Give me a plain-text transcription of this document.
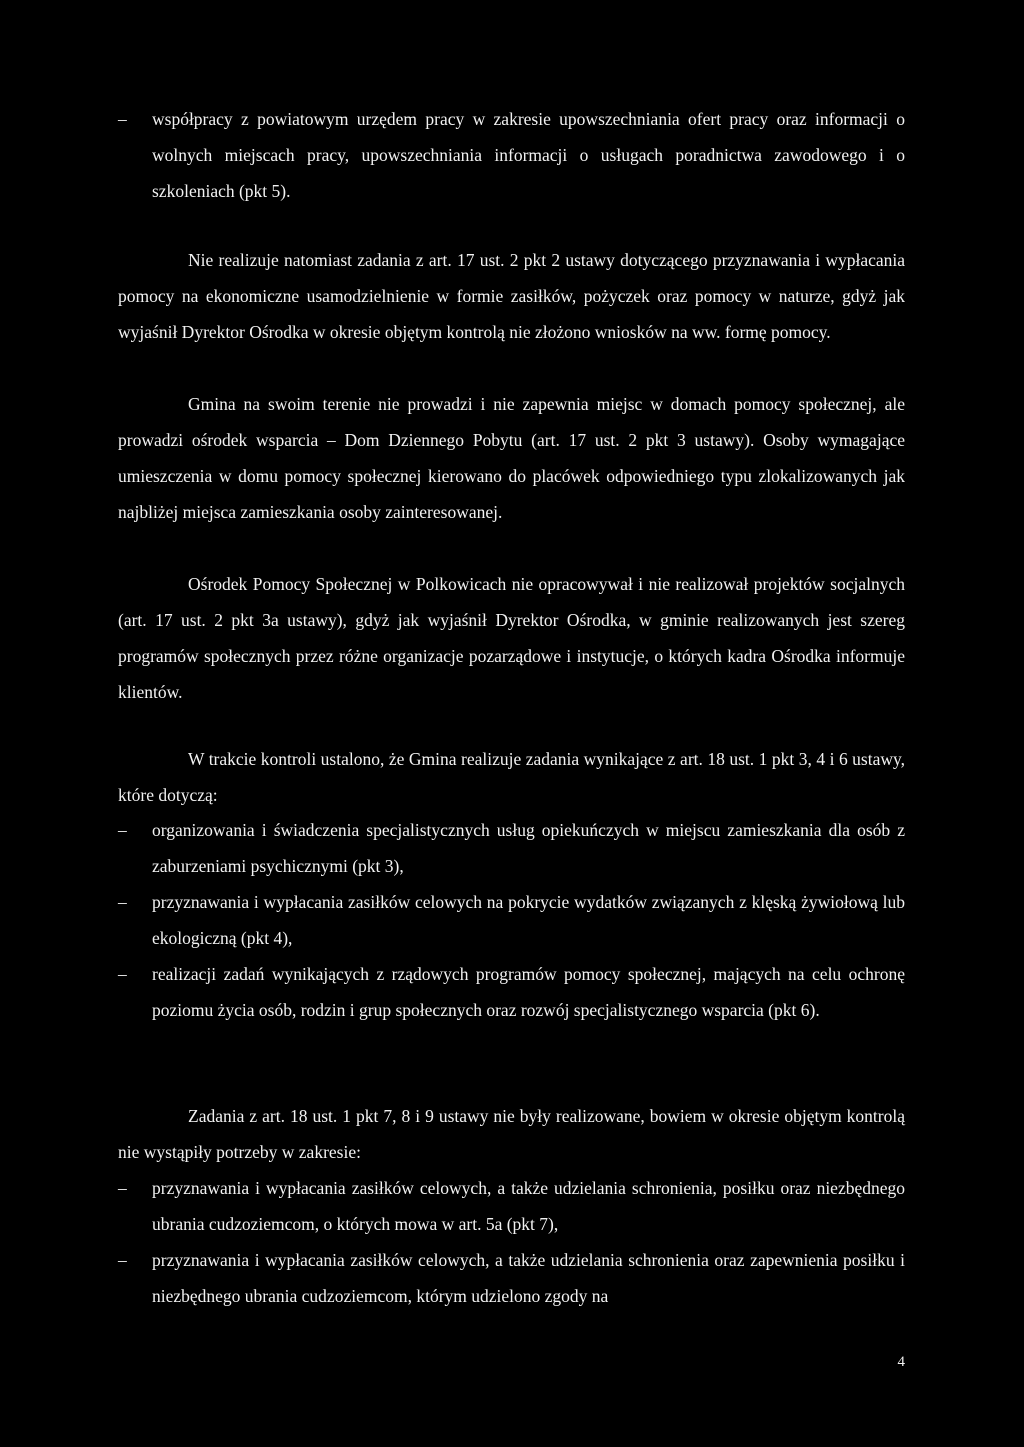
–	współpracy z powiatowym urzędem pracy w zakresie upowszechniania ofert pracy oraz informacji o wolnych miejscach pracy, upowszechniania informacji o usługach poradnictwa zawodowego i o szkoleniach (pkt 5).

Nie realizuje natomiast zadania z art. 17 ust. 2 pkt 2 ustawy dotyczącego przyznawania i wypłacania pomocy na ekonomiczne usamodzielnienie w formie zasiłków, pożyczek oraz pomocy w naturze, gdyż jak wyjaśnił Dyrektor Ośrodka w okresie objętym kontrolą nie złożono wniosków na ww. formę pomocy.

Gmina na swoim terenie nie prowadzi i nie zapewnia miejsc w domach pomocy społecznej, ale prowadzi ośrodek wsparcia – Dom Dziennego Pobytu (art. 17 ust. 2 pkt 3 ustawy). Osoby wymagające umieszczenia w domu pomocy społecznej kierowano do placówek odpowiedniego typu zlokalizowanych jak najbliżej miejsca zamieszkania osoby zainteresowanej.

Ośrodek Pomocy Społecznej w Polkowicach nie opracowywał i nie realizował projektów socjalnych (art. 17 ust. 2 pkt 3a ustawy), gdyż jak wyjaśnił Dyrektor Ośrodka, w gminie realizowanych jest szereg programów społecznych przez różne organizacje pozarządowe i instytucje, o których kadra Ośrodka informuje klientów.

W trakcie kontroli ustalono, że Gmina realizuje zadania wynikające z art. 18 ust. 1 pkt 3, 4 i 6 ustawy, które dotyczą:

–	organizowania i świadczenia specjalistycznych usług opiekuńczych w miejscu zamieszkania dla osób z zaburzeniami psychicznymi (pkt 3),
–	przyznawania i wypłacania zasiłków celowych na pokrycie wydatków związanych z klęską żywiołową lub ekologiczną (pkt 4),
–	realizacji zadań wynikających z rządowych programów pomocy społecznej, mających na celu ochronę poziomu życia osób, rodzin i grup społecznych oraz rozwój specjalistycznego wsparcia (pkt 6).

Zadania z art. 18 ust. 1 pkt 7, 8 i 9 ustawy nie były realizowane, bowiem w okresie objętym kontrolą nie wystąpiły potrzeby w zakresie:

–	przyznawania i wypłacania zasiłków celowych, a także udzielania schronienia, posiłku oraz niezbędnego ubrania cudzoziemcom, o których mowa w art. 5a (pkt 7),
–	przyznawania i wypłacania zasiłków celowych, a także udzielania schronienia oraz zapewnienia posiłku i niezbędnego ubrania cudzoziemcom, którym udzielono zgody na
4
